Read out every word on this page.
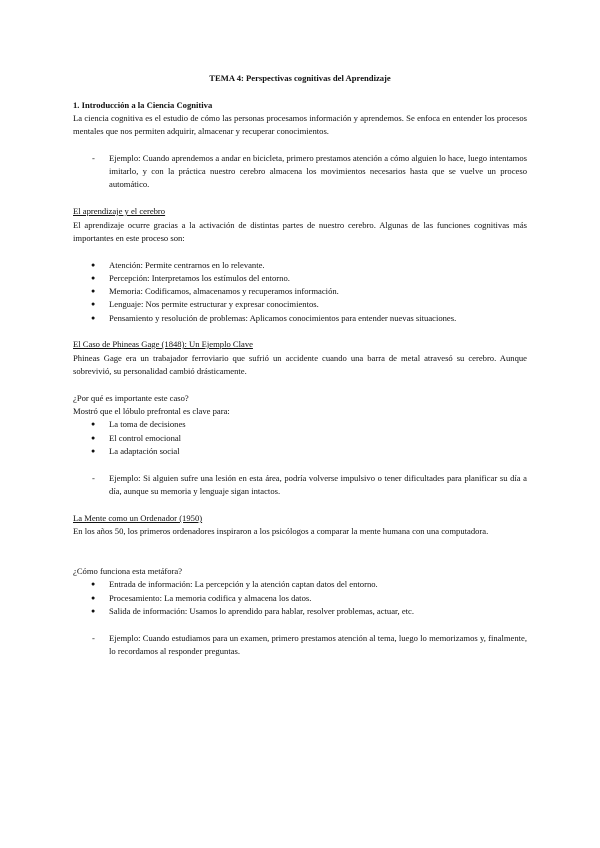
TEMA 4: Perspectivas cognitivas del Aprendizaje

1. Introducción a la Ciencia Cognitiva

La ciencia cognitiva es el estudio de cómo las personas procesamos información y aprendemos. Se enfoca en entender los procesos mentales que nos permiten adquirir, almacenar y recuperar conocimientos.

- Ejemplo: Cuando aprendemos a andar en bicicleta, primero prestamos atención a cómo alguien lo hace, luego intentamos imitarlo, y con la práctica nuestro cerebro almacena los movimientos necesarios hasta que se vuelve un proceso automático.

El aprendizaje y el cerebro

El aprendizaje ocurre gracias a la activación de distintas partes de nuestro cerebro. Algunas de las funciones cognitivas más importantes en este proceso son:

● Atención: Permite centrarnos en lo relevante.

● Percepción: Interpretamos los estímulos del entorno.

● Memoria: Codificamos, almacenamos y recuperamos información.

● Lenguaje: Nos permite estructurar y expresar conocimientos.

● Pensamiento y resolución de problemas: Aplicamos conocimientos para entender nuevas situaciones.

El Caso de Phineas Gage (1848): Un Ejemplo Clave

Phineas Gage era un trabajador ferroviario que sufrió un accidente cuando una barra de metal atravesó su cerebro. Aunque sobrevivió, su personalidad cambió drásticamente.

¿Por qué es importante este caso?

Mostró que el lóbulo prefrontal es clave para:

● La toma de decisiones

● El control emocional

● La adaptación social

- Ejemplo: Si alguien sufre una lesión en esta área, podría volverse impulsivo o tener dificultades para planificar su día a día, aunque su memoria y lenguaje sigan intactos.

La Mente como un Ordenador (1950)

En los años 50, los primeros ordenadores inspiraron a los psicólogos a comparar la mente humana con una computadora.

¿Cómo funciona esta metáfora?

● Entrada de información: La percepción y la atención captan datos del entorno.

● Procesamiento: La memoria codifica y almacena los datos.

● Salida de información: Usamos lo aprendido para hablar, resolver problemas, actuar, etc.

- Ejemplo: Cuando estudiamos para un examen, primero prestamos atención al tema, luego lo memorizamos y, finalmente, lo recordamos al responder preguntas.
